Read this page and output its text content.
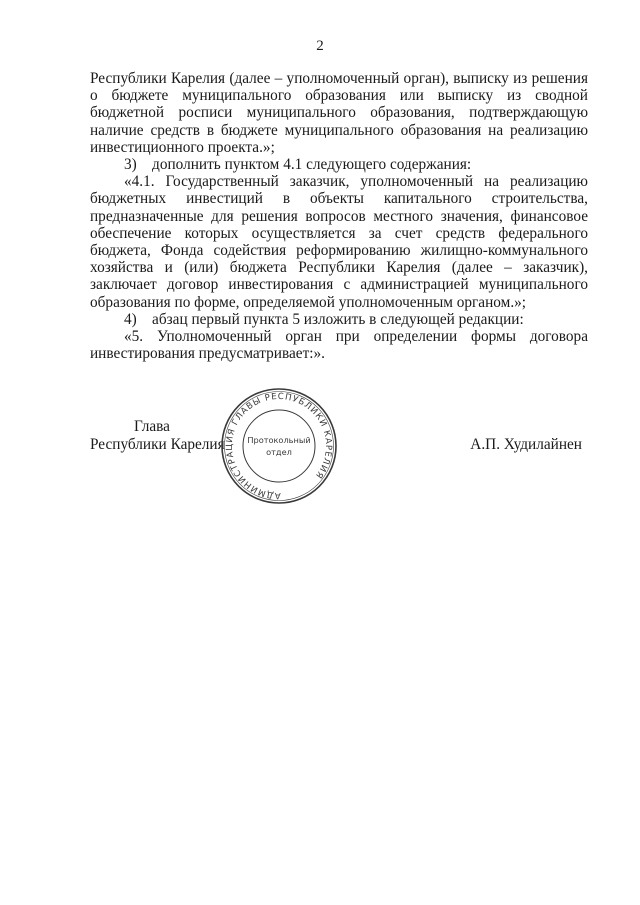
2

Республики Карелия (далее – уполномоченный орган), выписку из решения о бюджете муниципального образования или выписку из сводной бюджетной росписи муниципального образования, подтверждающую наличие средств в бюджете муниципального образования на реализацию инвестиционного проекта.»;

3)    дополнить пунктом 4.1 следующего содержания:

«4.1. Государственный заказчик, уполномоченный на реализацию бюджетных инвестиций в объекты капитального строительства, предназначенные для решения вопросов местного значения, финансовое обеспечение которых осуществляется за счет средств федерального бюджета, Фонда содействия реформированию жилищно-коммунального хозяйства и (или) бюджета Республики Карелия (далее – заказчик), заключает договор инвестирования с администрацией муниципального образования по форме, определяемой уполномоченным органом.»;

4)    абзац первый пункта 5 изложить в следующей редакции:

«5. Уполномоченный орган при определении формы договора инвестирования предусматривает:».

Глава
Республики Карелия	А.П. Худилайнен
АДМИНИСТРАЦИЯ ГЛАВЫ РЕСПУБЛИКИ КАРЕЛИЯ
Протокольный
отдел
